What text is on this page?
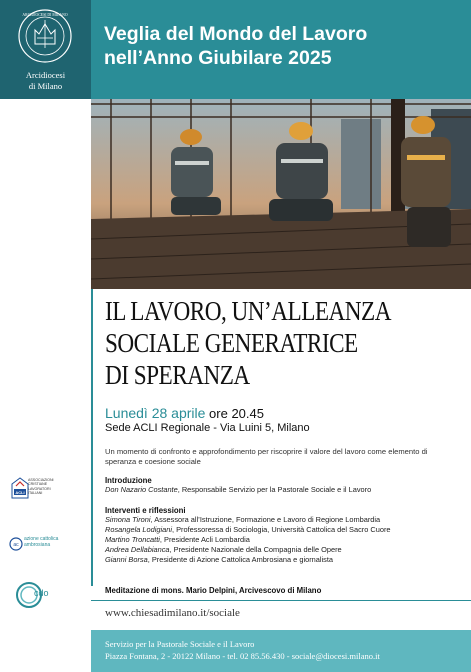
ARCIDIOCESI DI MILANO
Arcidiocesi
di Milano
Veglia del Mondo del Lavoro
nell’Anno Giubilare 2025
IL LAVORO, UN’ALLEANZA
SOCIALE GENERATRICE
DI SPERANZA
Lunedì 28 aprile ore 20.45
Sede ACLI Regionale - Via Luini 5, Milano
Un momento di confronto e approfondimento per riscoprire il valore del lavoro come elemento di speranza e coesione sociale
Introduzione
Don Nazario Costante, Responsabile Servizio per la Pastorale Sociale e il Lavoro
Interventi e riflessioni
Simona Tironi, Assessora all’Istruzione, Formazione e Lavoro di Regione Lombardia
Rosangela Lodigiani, Professoressa di Sociologia, Università Cattolica del Sacro Cuore
Martino Troncatti, Presidente Acli Lombardia
Andrea Dellabianca, Presidente Nazionale della Compagnia delle Opere
Gianni Borsa, Presidente di Azione Cattolica Ambrosiana e giornalista
Meditazione di mons. Mario Delpini, Arcivescovo di Milano
www.chiesadimilano.it/sociale
Servizio per la Pastorale Sociale e il Lavoro
Piazza Fontana, 2 - 20122 Milano - tel. 02 85.56.430 - sociale@diocesi.milano.it
ACLI
ASSOCIAZIONI
CRISTIANE
LAVORATORI
ITALIANI
ac
azione cattolica
ambrosiana
cdo
